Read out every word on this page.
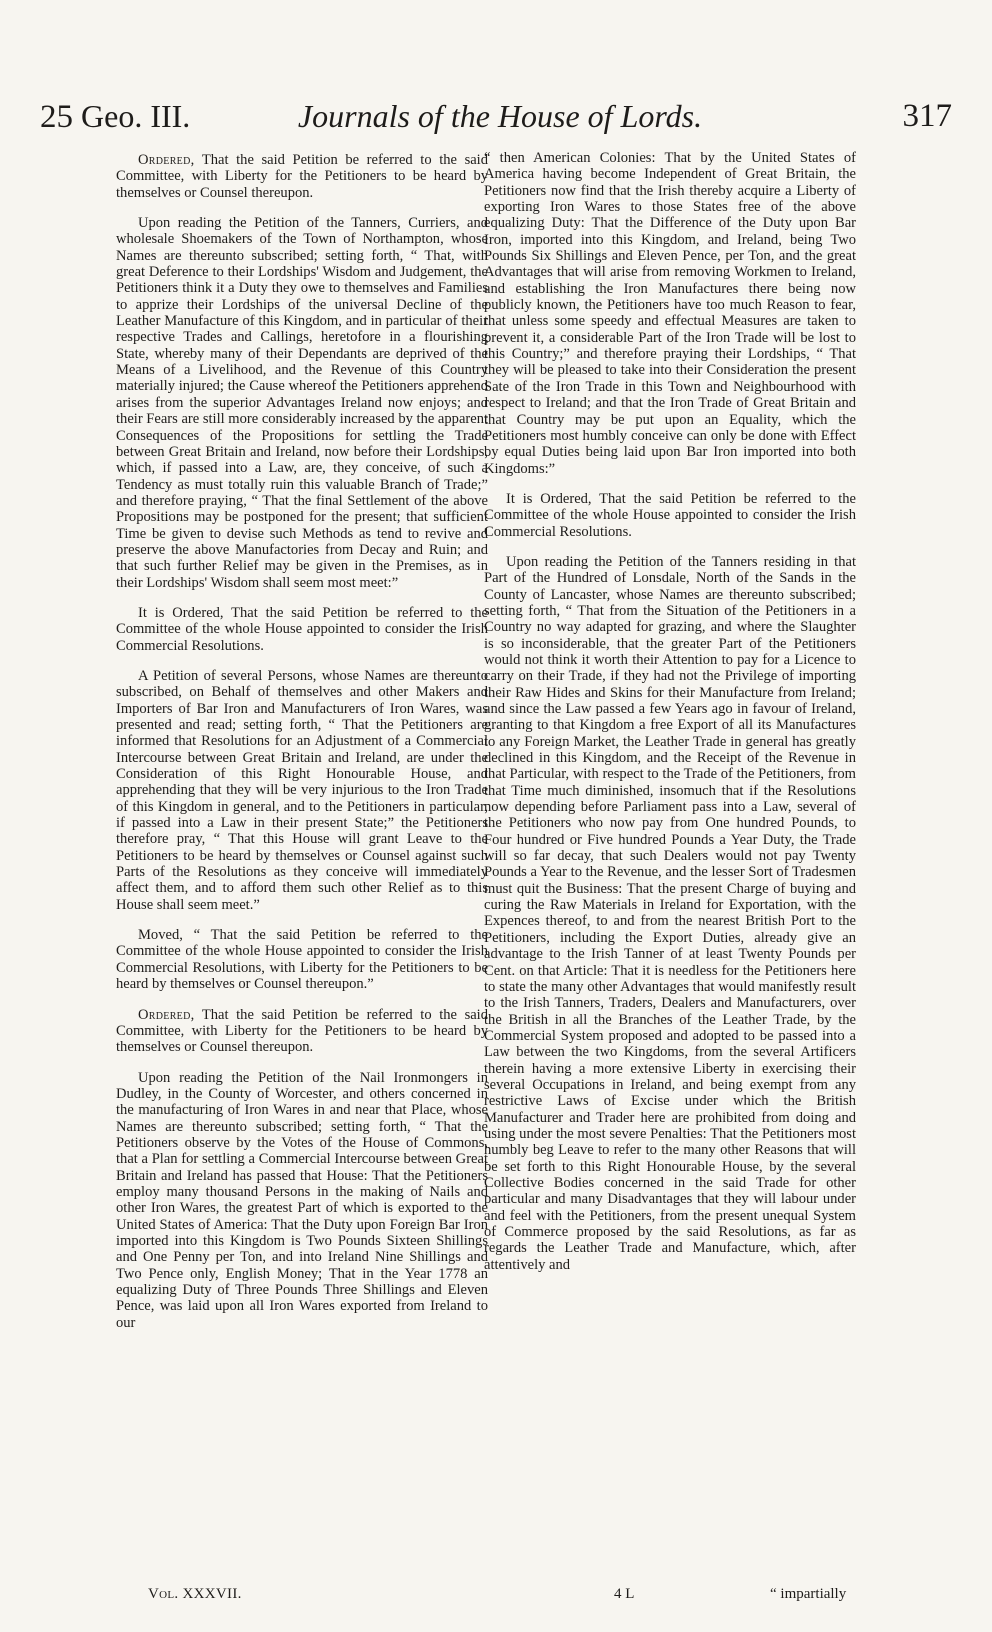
25 Geo. III.	Journals of the House of Lords.	317

Ordered, That the said Petition be referred to the said Committee, with Liberty for the Petitioners to be heard by themselves or Counsel thereupon.

Upon reading the Petition of the Tanners, Curriers, and wholesale Shoemakers of the Town of Northampton, whose Names are thereunto subscribed; setting forth, “ That, with great Deference to their Lordships' Wisdom and Judgement, the Petitioners think it a Duty they owe to themselves and Families to apprize their Lordships of the universal Decline of the Leather Manufacture of this Kingdom, and in particular of their respective Trades and Callings, heretofore in a flourishing State, whereby many of their Dependants are deprived of the Means of a Livelihood, and the Revenue of this Country materially injured; the Cause whereof the Petitioners apprehend arises from the superior Advantages Ireland now enjoys; and their Fears are still more considerably increased by the apparent Consequences of the Propositions for settling the Trade between Great Britain and Ireland, now before their Lordships, which, if passed into a Law, are, they conceive, of such a Tendency as must totally ruin this valuable Branch of Trade;” and therefore praying, “ That the final Settlement of the above Propositions may be postponed for the present; that sufficient Time be given to devise such Methods as tend to revive and preserve the above Manufactories from Decay and Ruin; and that such further Relief may be given in the Premises, as in their Lordships' Wisdom shall seem most meet:”

It is Ordered, That the said Petition be referred to the Committee of the whole House appointed to consider the Irish Commercial Resolutions.

A Petition of several Persons, whose Names are thereunto subscribed, on Behalf of themselves and other Makers and Importers of Bar Iron and Manufacturers of Iron Wares, was presented and read; setting forth, “ That the Petitioners are informed that Resolutions for an Adjustment of a Commercial Intercourse between Great Britain and Ireland, are under the Consideration of this Right Honourable House, and apprehending that they will be very injurious to the Iron Trade of this Kingdom in general, and to the Petitioners in particular, if passed into a Law in their present State;” the Petitioners therefore pray, “ That this House will grant Leave to the Petitioners to be heard by themselves or Counsel against such Parts of the Resolutions as they conceive will immediately affect them, and to afford them such other Relief as to this House shall seem meet.”

Moved, “ That the said Petition be referred to the Committee of the whole House appointed to consider the Irish Commercial Resolutions, with Liberty for the Petitioners to be heard by themselves or Counsel thereupon.”

Ordered, That the said Petition be referred to the said Committee, with Liberty for the Petitioners to be heard by themselves or Counsel thereupon.

Upon reading the Petition of the Nail Ironmongers in Dudley, in the County of Worcester, and others concerned in the manufacturing of Iron Wares in and near that Place, whose Names are thereunto subscribed; setting forth, “ That the Petitioners observe by the Votes of the House of Commons, that a Plan for settling a Commercial Intercourse between Great Britain and Ireland has passed that House: That the Petitioners employ many thousand Persons in the making of Nails and other Iron Wares, the greatest Part of which is exported to the United States of America: That the Duty upon Foreign Bar Iron imported into this Kingdom is Two Pounds Sixteen Shillings and One Penny per Ton, and into Ireland Nine Shillings and Two Pence only, English Money; That in the Year 1778 an equalizing Duty of Three Pounds Three Shillings and Eleven Pence, was laid upon all Iron Wares exported from Ireland to our

“ then American Colonies: That by the United States of America having become Independent of Great Britain, the Petitioners now find that the Irish thereby acquire a Liberty of exporting Iron Wares to those States free of the above equalizing Duty: That the Difference of the Duty upon Bar Iron, imported into this Kingdom, and Ireland, being Two Pounds Six Shillings and Eleven Pence, per Ton, and the great Advantages that will arise from removing Workmen to Ireland, and establishing the Iron Manufactures there being now publicly known, the Petitioners have too much Reason to fear, that unless some speedy and effectual Measures are taken to prevent it, a considerable Part of the Iron Trade will be lost to this Country;” and therefore praying their Lordships, “ That they will be pleased to take into their Consideration the present Sate of the Iron Trade in this Town and Neighbourhood with respect to Ireland; and that the Iron Trade of Great Britain and that Country may be put upon an Equality, which the Petitioners most humbly conceive can only be done with Effect by equal Duties being laid upon Bar Iron imported into both Kingdoms:”

It is Ordered, That the said Petition be referred to the Committee of the whole House appointed to consider the Irish Commercial Resolutions.

Upon reading the Petition of the Tanners residing in that Part of the Hundred of Lonsdale, North of the Sands in the County of Lancaster, whose Names are thereunto subscribed; setting forth, “ That from the Situation of the Petitioners in a Country no way adapted for grazing, and where the Slaughter is so inconsiderable, that the greater Part of the Petitioners would not think it worth their Attention to pay for a Licence to carry on their Trade, if they had not the Privilege of importing their Raw Hides and Skins for their Manufacture from Ireland; and since the Law passed a few Years ago in favour of Ireland, granting to that Kingdom a free Export of all its Manufactures to any Foreign Market, the Leather Trade in general has greatly declined in this Kingdom, and the Receipt of the Revenue in that Particular, with respect to the Trade of the Petitioners, from that Time much diminished, insomuch that if the Resolutions now depending before Parliament pass into a Law, several of the Petitioners who now pay from One hundred Pounds, to Four hundred or Five hundred Pounds a Year Duty, the Trade will so far decay, that such Dealers would not pay Twenty Pounds a Year to the Revenue, and the lesser Sort of Tradesmen must quit the Business: That the present Charge of buying and curing the Raw Materials in Ireland for Exportation, with the Expences thereof, to and from the nearest British Port to the Petitioners, including the Export Duties, already give an advantage to the Irish Tanner of at least Twenty Pounds per Cent. on that Article: That it is needless for the Petitioners here to state the many other Advantages that would manifestly result to the Irish Tanners, Traders, Dealers and Manufacturers, over the British in all the Branches of the Leather Trade, by the Commercial System proposed and adopted to be passed into a Law between the two Kingdoms, from the several Artificers therein having a more extensive Liberty in exercising their several Occupations in Ireland, and being exempt from any restrictive Laws of Excise under which the British Manufacturer and Trader here are prohibited from doing and using under the most severe Penalties: That the Petitioners most humbly beg Leave to refer to the many other Reasons that will be set forth to this Right Honourable House, by the several Collective Bodies concerned in the said Trade for other particular and many Disadvantages that they will labour under and feel with the Petitioners, from the present unequal System of Commerce proposed by the said Resolutions, as far as regards the Leather Trade and Manufacture, which, after attentively and

Vol. XXXVII.	4 L	“ impartially
